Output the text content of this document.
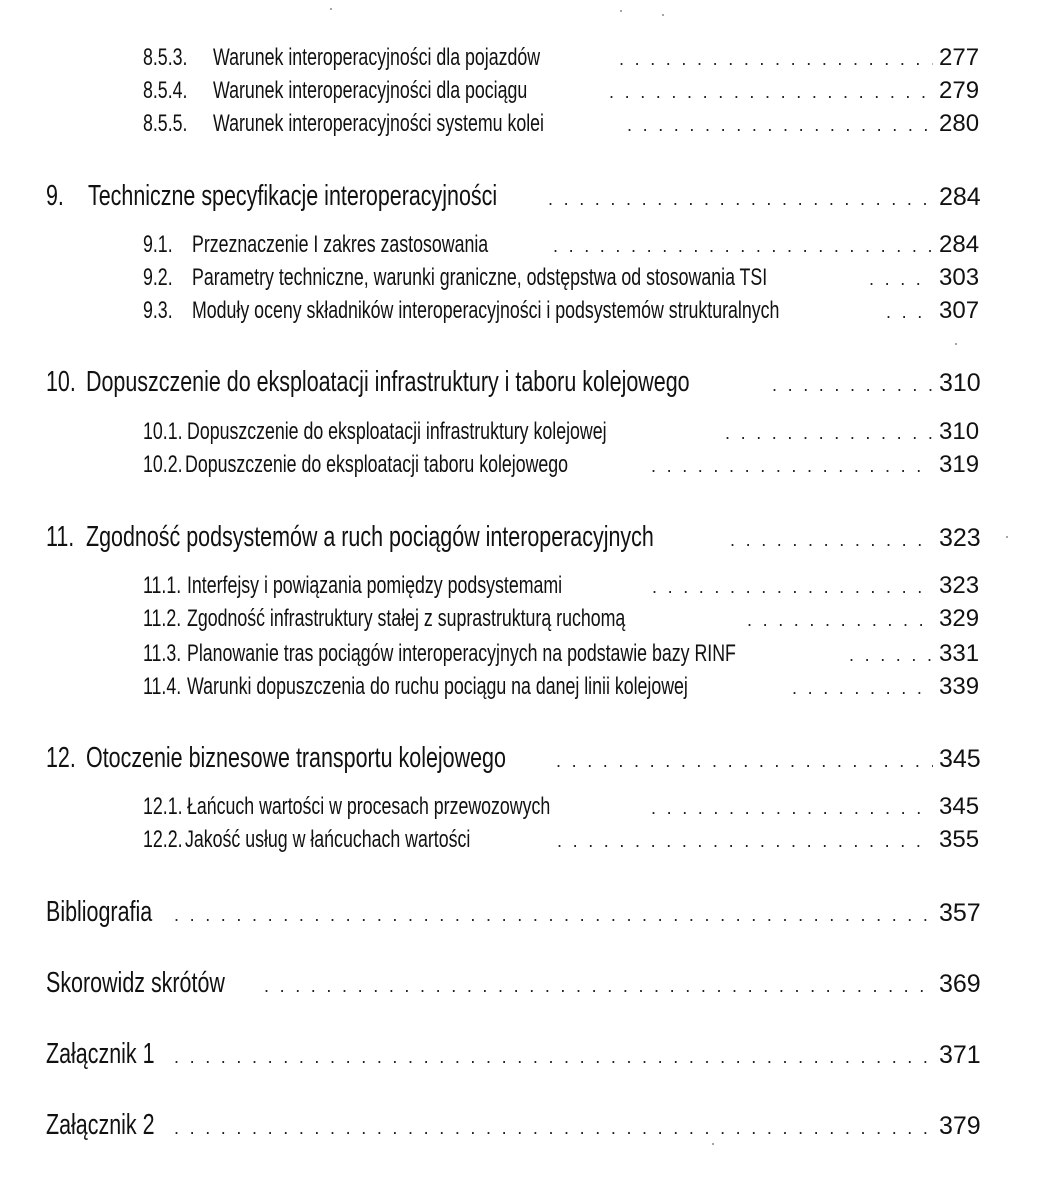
8.5.3.	Warunek interoperacyjności dla pojazdów . . .	277
8.5.4.	Warunek interoperacyjności dla pociągu . . .	279
8.5.5.	Warunek interoperacyjności systemu kolei . . .	280
9. Techniczne specyfikacje interoperacyjności . . .	284
9.1. Przeznaczenie I zakres zastosowania . . .	284
9.2. Parametry techniczne, warunki graniczne, odstępstwa od stosowania TSI . . .	303
9.3. Moduły oceny składników interoperacyjności i podsystemów strukturalnych . . .	307
10. Dopuszczenie do eksploatacji infrastruktury i taboru kolejowego . . .	310
10.1. Dopuszczenie do eksploatacji infrastruktury kolejowej . . .	310
10.2. Dopuszczenie do eksploatacji taboru kolejowego . . .	319
11. Zgodność podsystemów a ruch pociągów interoperacyjnych . . .	323
11.1. Interfejsy i powiązania pomiędzy podsystemami . . .	323
11.2. Zgodność infrastruktury stałej z suprastrukturą ruchomą . . .	329
11.3. Planowanie tras pociągów interoperacyjnych na podstawie bazy RINF . . .	331
11.4. Warunki dopuszczenia do ruchu pociągu na danej linii kolejowej . . .	339
12. Otoczenie biznesowe transportu kolejowego . . .	345
12.1. Łańcuch wartości w procesach przewozowych . . .	345
12.2. Jakość usług w łańcuchach wartości . . .	355
Bibliografia . . .	357
Skorowidz skrótów . . .	369
Załącznik 1 . . .	371
Załącznik 2 . . .	379
